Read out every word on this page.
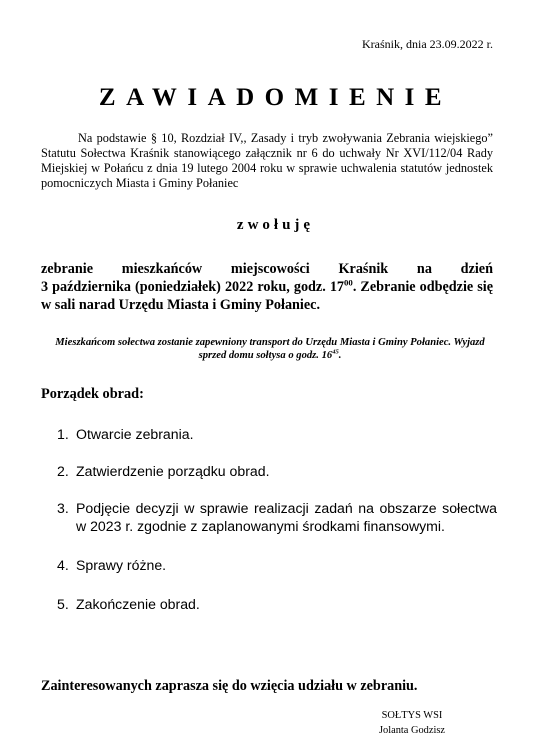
Kraśnik, dnia 23.09.2022 r.
ZAWIADOMIENIE

Na podstawie § 10, Rozdział IV,, Zasady i tryb zwoływania Zebrania wiejskiego” Statutu Sołectwa Kraśnik stanowiącego załącznik nr 6 do uchwały Nr XVI/112/04 Rady Miejskiej w Połańcu z dnia 19 lutego 2004 roku w sprawie uchwalenia statutów jednostek pomocniczych Miasta i Gminy Połaniec

zwołuję

zebranie mieszkańców miejscowości Kraśnik na dzień
3 października (poniedziałek) 2022 roku, godz. $17^{00}$. Zebranie odbędzie się w sali narad Urzędu Miasta i Gminy Połaniec.

Mieszkańcom sołectwa zostanie zapewniony transport do Urzędu Miasta i Gminy Połaniec. Wyjazd sprzed domu sołtysa o godz. $16^{45}$.

Porządek obrad:
1. Otwarcie zebrania.
2. Zatwierdzenie porządku obrad.
3. Podjęcie decyzji w sprawie realizacji zadań na obszarze sołectwa w 2023 r. zgodnie z zaplanowanymi środkami finansowymi.
4. Sprawy różne.
5. Zakończenie obrad.
Zainteresowanych zaprasza się do wzięcia udziału w zebraniu.
SOŁTYS WSI
Jolanta Godzisz
